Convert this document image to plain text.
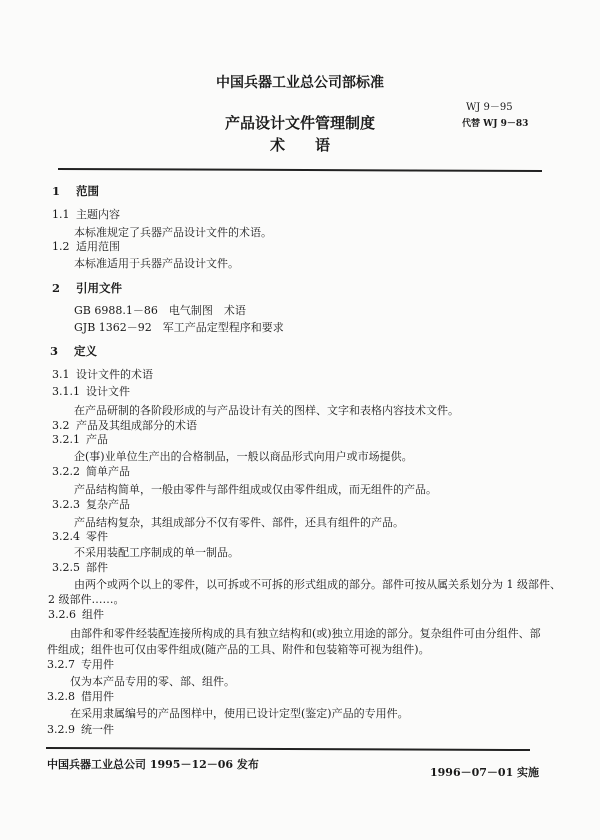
中国兵器工业总公司部标准
产品设计文件管理制度
术　　语
WJ 9－95
代替 WJ 9－83
1 范围
1.1 主题内容
本标准规定了兵器产品设计文件的术语。
1.2 适用范围
本标准适用于兵器产品设计文件。
2 引用文件
GB 6988.1－86　电气制图　术语
GJB 1362－92　军工产品定型程序和要求
3 定义
3.1 设计文件的术语
3.1.1 设计文件
在产品研制的各阶段形成的与产品设计有关的图样、文字和表格内容技术文件。
3.2 产品及其组成部分的术语
3.2.1 产品
企(事)业单位生产出的合格制品，一般以商品形式向用户或市场提供。
3.2.2 简单产品
产品结构简单，一般由零件与部件组成或仅由零件组成，而无组件的产品。
3.2.3 复杂产品
产品结构复杂，其组成部分不仅有零件、部件，还具有组件的产品。
3.2.4 零件
不采用装配工序制成的单一制品。
3.2.5 部件
由两个或两个以上的零件，以可拆或不可拆的形式组成的部分。部件可按从属关系划分为 1 级部件、
2 级部件……。
3.2.6 组件
由部件和零件经装配连接所构成的具有独立结构和(或)独立用途的部分。复杂组件可由分组件、部
件组成；组件也可仅由零件组成(随产品的工具、附件和包装箱等可视为组件)。
3.2.7 专用件
仅为本产品专用的零、部、组件。
3.2.8 借用件
在采用隶属编号的产品图样中，使用已设计定型(鉴定)产品的专用件。
3.2.9 统一件
中国兵器工业总公司 1995－12－06 发布
1996－07－01 实施
